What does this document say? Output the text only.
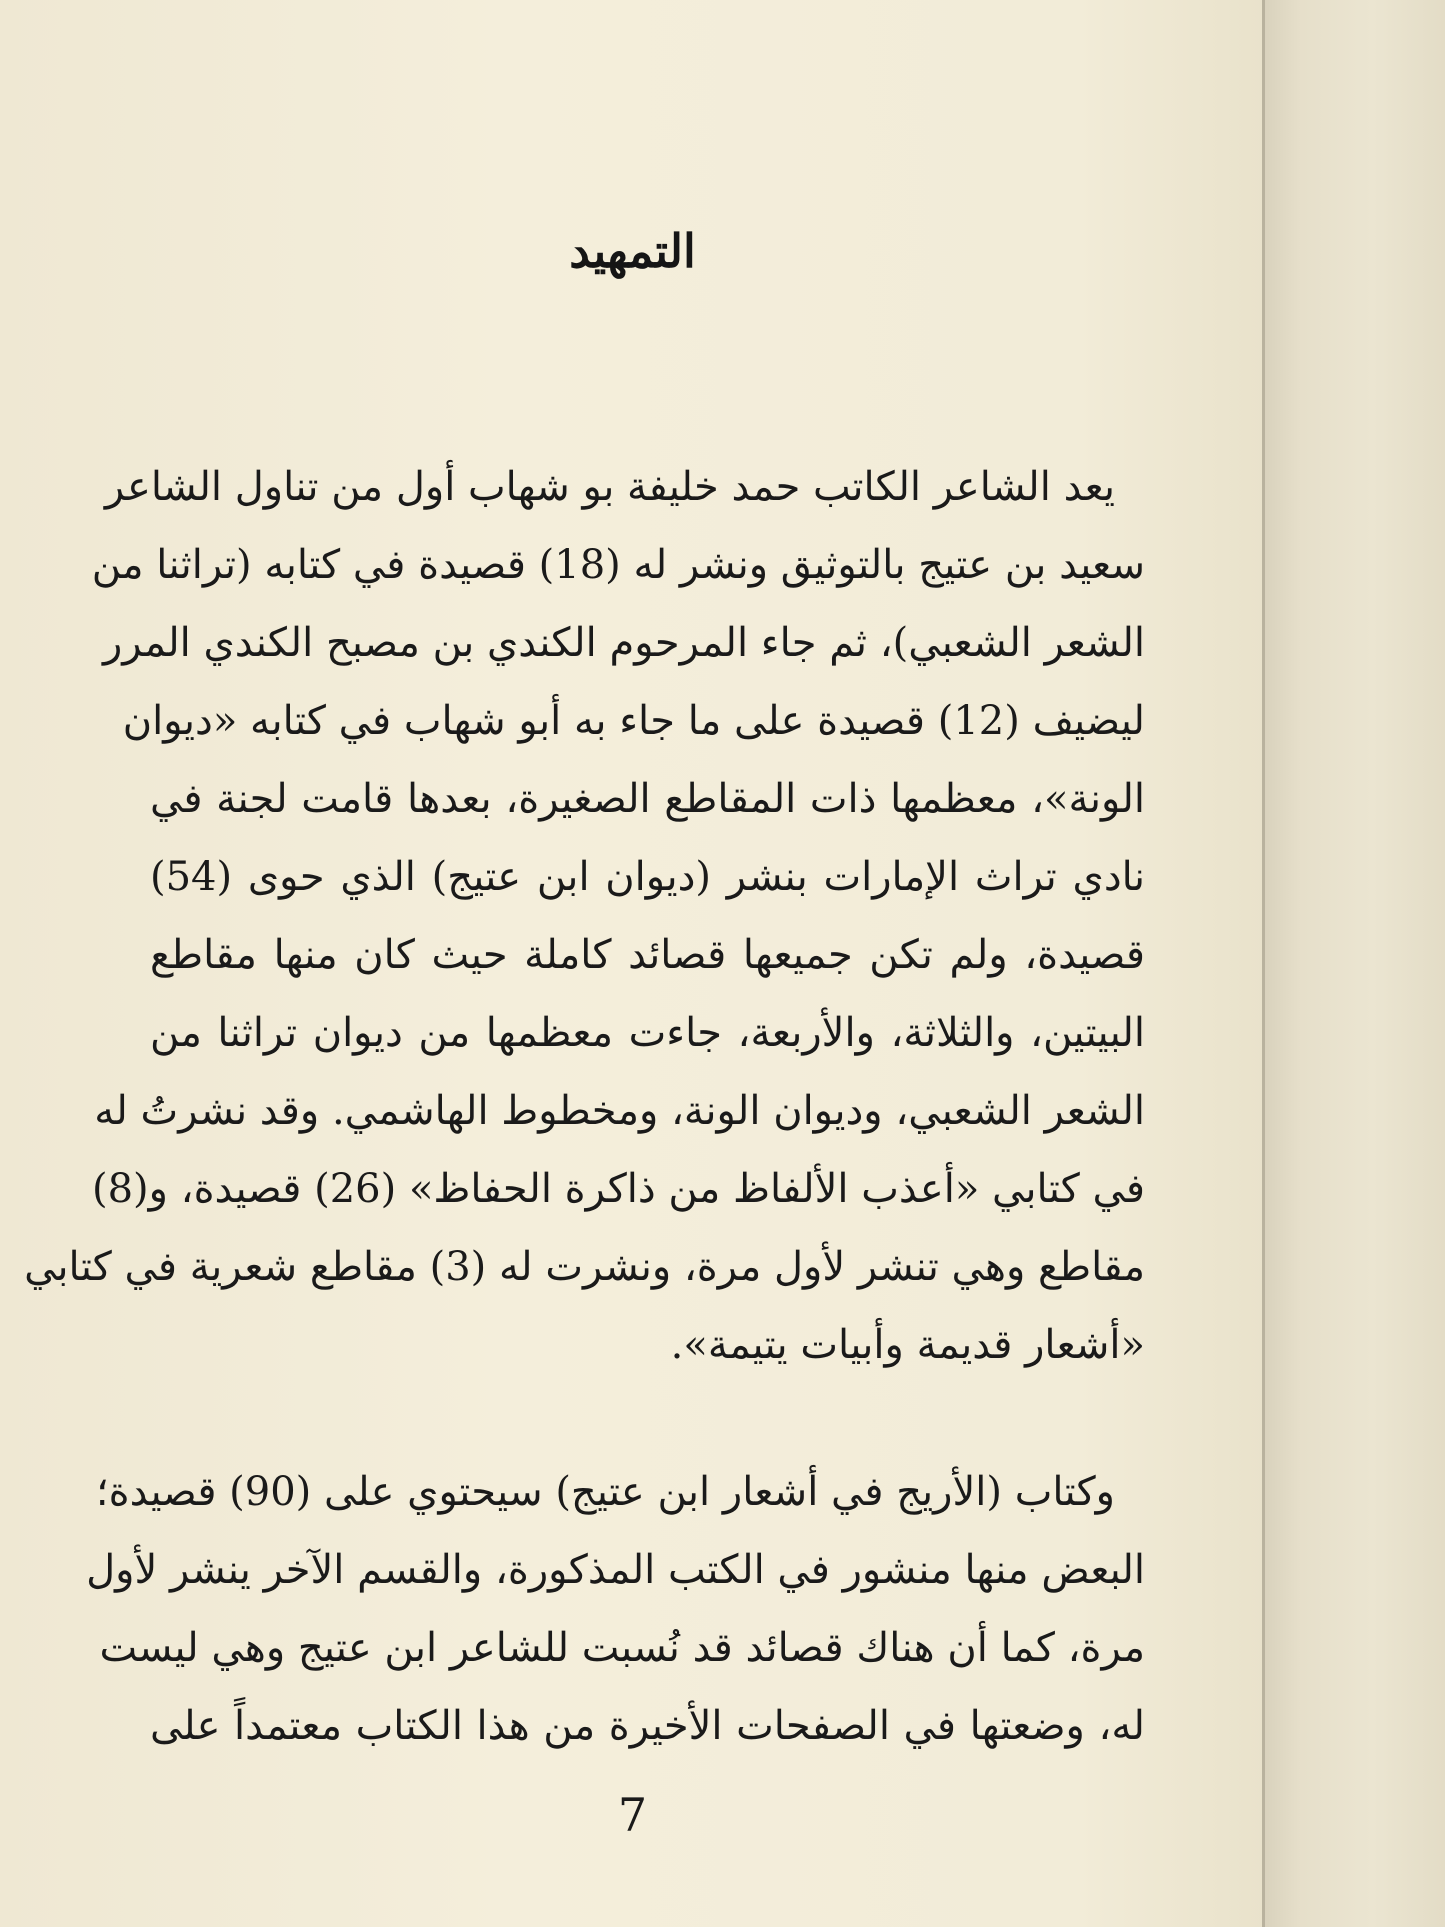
التمهيد
يعد الشاعر الكاتب حمد خليفة بو شهاب أول من تناول الشاعر
سعيد بن عتيج بالتوثيق ونشر له (18) قصيدة في كتابه (تراثنا من
الشعر الشعبي)، ثم جاء المرحوم الكندي بن مصبح الكندي المرر
ليضيف (12) قصيدة على ما جاء به أبو شهاب في كتابه «ديوان
الونة»، معظمها ذات المقاطع الصغيرة، بعدها قامت لجنة في
نادي تراث الإمارات بنشر (ديوان ابن عتيج) الذي حوى (54)
قصيدة، ولم تكن جميعها قصائد كاملة حيث كان منها مقاطع
البيتين، والثلاثة، والأربعة، جاءت معظمها من ديوان تراثنا من
الشعر الشعبي، وديوان الونة، ومخطوط الهاشمي. وقد نشرتُ له
في كتابي «أعذب الألفاظ من ذاكرة الحفاظ» (26) قصيدة، و(8)
مقاطع وهي تنشر لأول مرة، ونشرت له (3) مقاطع شعرية في كتابي
«أشعار قديمة وأبيات يتيمة».
وكتاب (الأريج في أشعار ابن عتيج) سيحتوي على (90) قصيدة؛
البعض منها منشور في الكتب المذكورة، والقسم الآخر ينشر لأول
مرة، كما أن هناك قصائد قد نُسبت للشاعر ابن عتيج وهي ليست
له، وضعتها في الصفحات الأخيرة من هذا الكتاب معتمداً على
7
